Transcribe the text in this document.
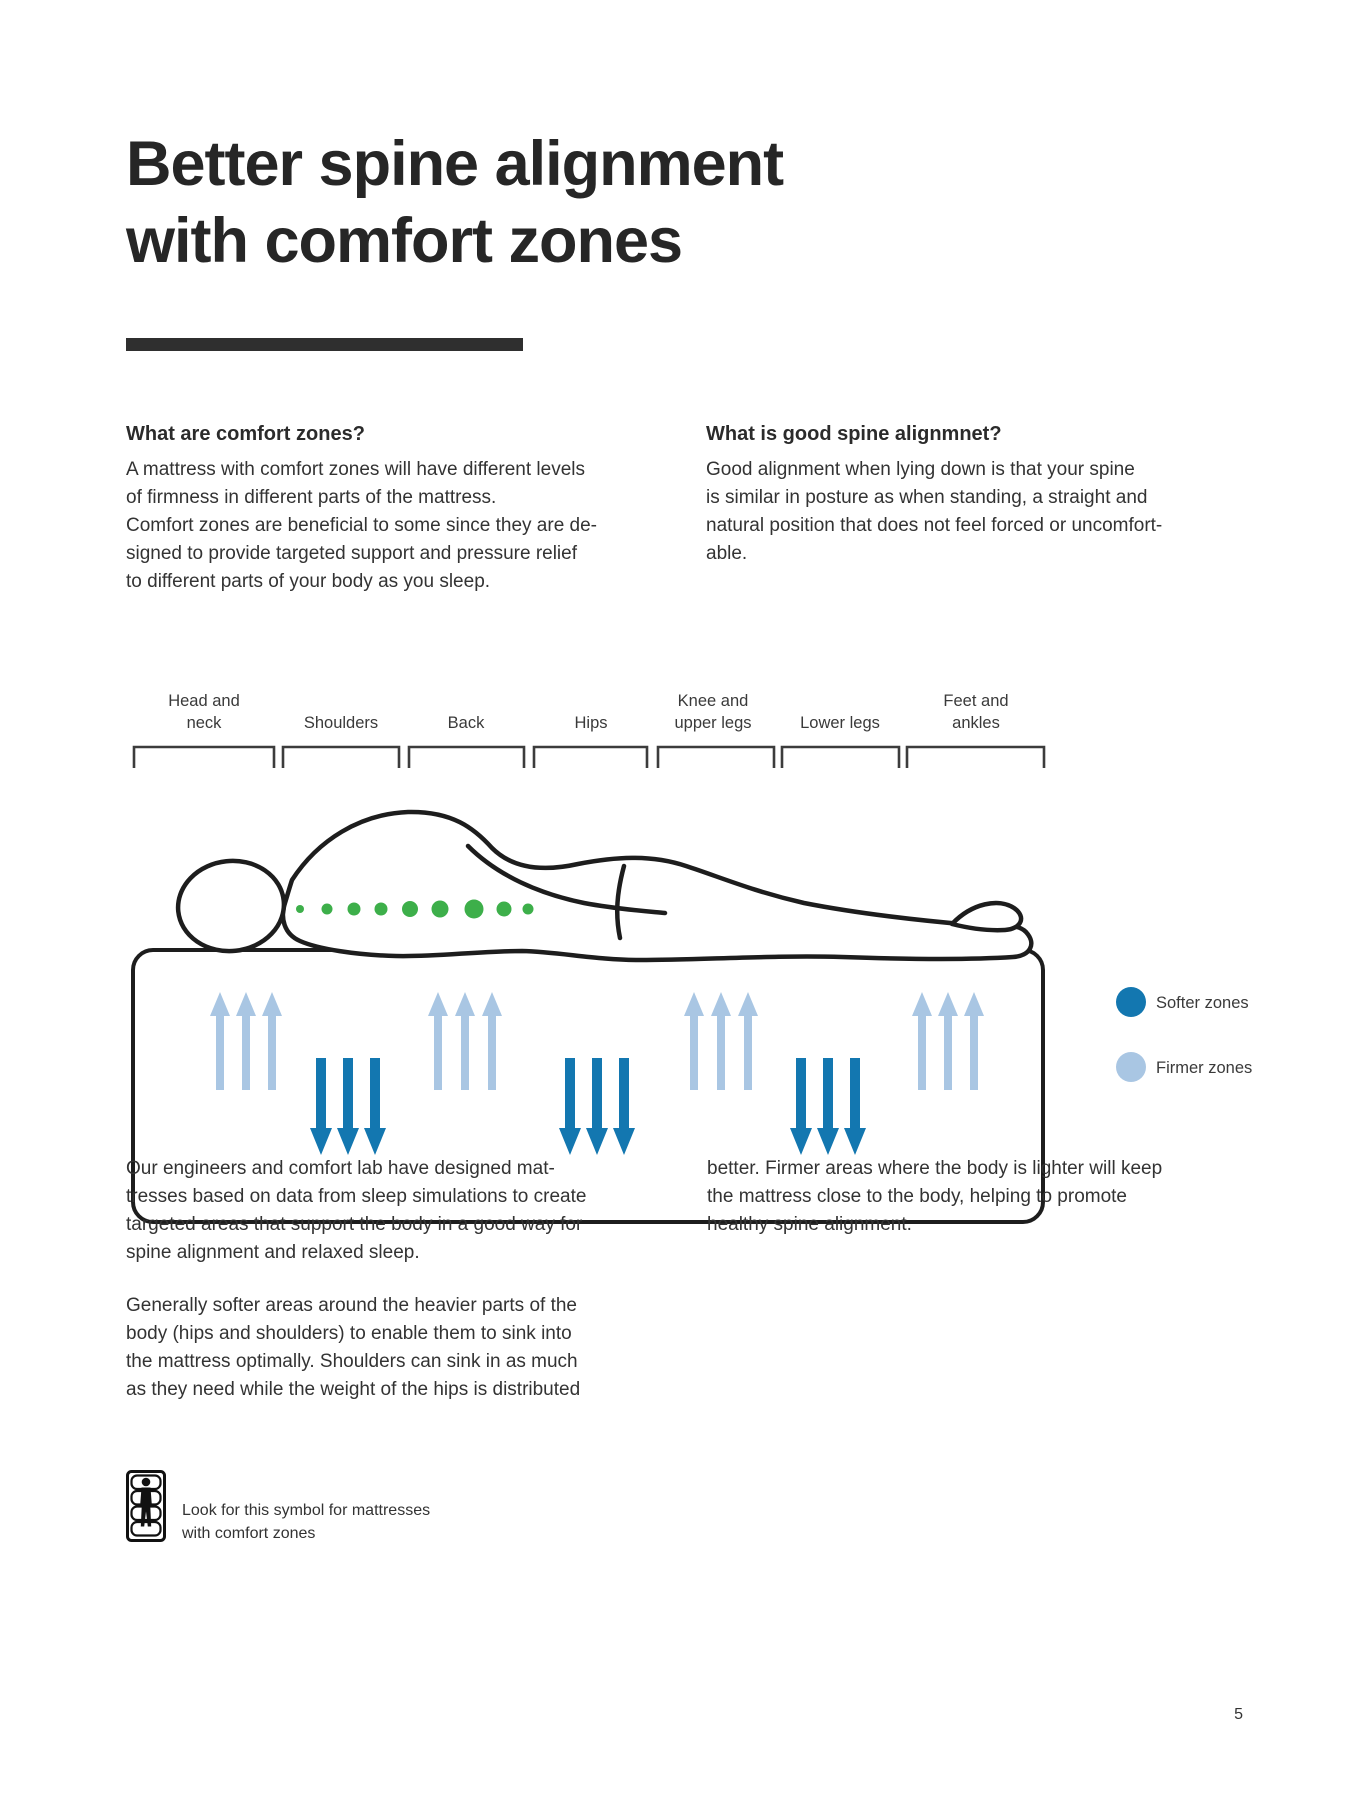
Better spine alignment
with comfort zones
What are comfort zones?
A mattress with comfort zones will have different levels
of firmness in different parts of the mattress.
Comfort zones are beneficial to some since they are de-
signed to provide targeted support and pressure relief
to different parts of your body as you sleep.
What is good spine alignmnet?
Good alignment when lying down is that your spine
is similar in posture as when standing, a straight and
natural position that does not feel forced or uncomfort-
able.
Head and
neck	Shoulders	Back	Hips
Knee and
upper legs	Lower legs
Feet and
ankles
Softer zones
Firmer zones
Our engineers and comfort lab have designed mat-
tresses based on data from sleep simulations to create
targeted areas that support the body in a good way for
spine alignment and relaxed sleep.
Generally softer areas around the heavier parts of the
body (hips and shoulders) to enable them to sink into
the mattress optimally. Shoulders can sink in as much
as they need while the weight of the hips is distributed
better. Firmer areas where the body is lighter will keep
the mattress close to the body, helping to promote
healthy spine alignment.
Look for this symbol for mattresses
with comfort zones
5
